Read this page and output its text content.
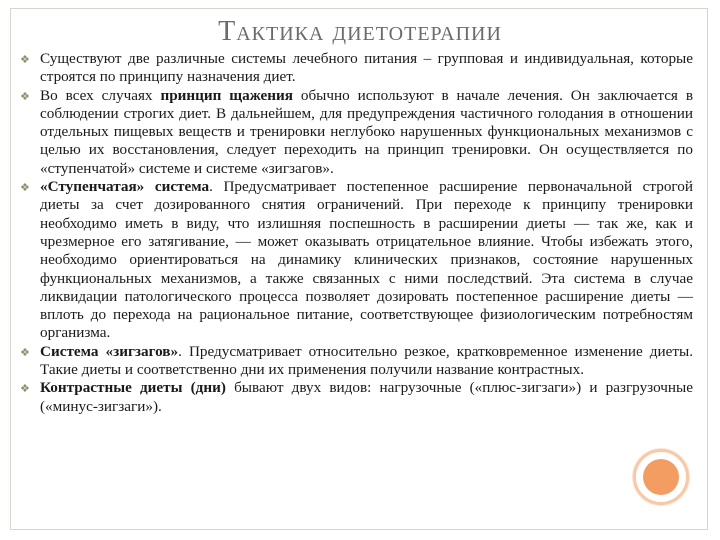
Тактика диетотерапии
❖ Существуют две различные системы лечебного питания – групповая и индивидуальная, которые строятся по принципу назначения диет.

❖ Во всех случаях принцип щажения обычно используют в начале лечения. Он заключается в соблюдении строгих диет. В дальнейшем, для предупреждения частичного голодания в отношении отдельных пищевых веществ и тренировки неглубоко нарушенных функциональных механизмов с целью их восстановления, следует переходить на принцип тренировки. Он осуществляется по «ступенчатой» системе и системе «зигзагов».

❖ «Ступенчатая» система. Предусматривает постепенное расширение первоначальной строгой диеты за счет дозированного снятия ограничений. При переходе к принципу тренировки необходимо иметь в виду, что излишняя поспешность в расширении диеты — так же, как и чрезмерное его затягивание, — может оказывать отрицательное влияние. Чтобы избежать этого, необходимо ориентироваться на динамику клинических признаков, состояние нарушенных функциональных механизмов, а также связанных с ними последствий. Эта система в случае ликвидации патологического процесса позволяет дозировать постепенное расширение диеты — вплоть до перехода на рациональное питание, соответствующее физиологическим потребностям организма.

❖ Система «зигзагов». Предусматривает относительно резкое, кратковременное изменение диеты. Такие диеты и соответственно дни их применения получили название контрастных.

❖ Контрастные диеты (дни) бывают двух видов: нагрузочные («плюс-зигзаги») и разгрузочные («минус-зигзаги»).
